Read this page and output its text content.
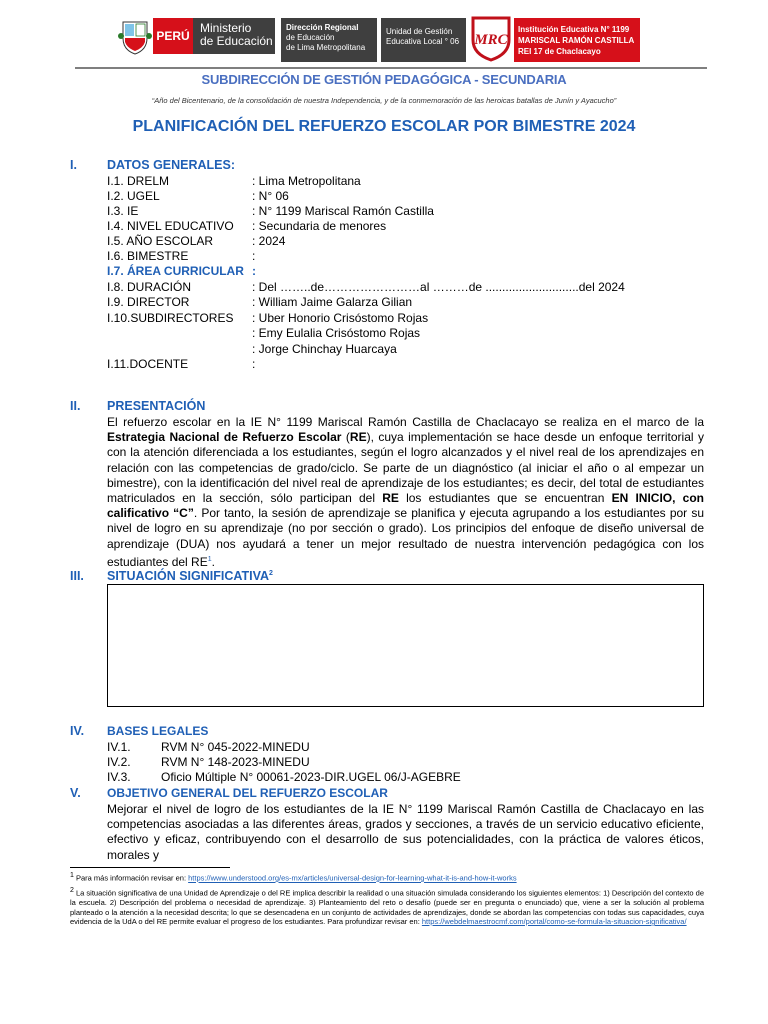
PERÚ
Ministerio
de Educación
Dirección Regional
de Educación
de Lima Metropolitana
Unidad de Gestión
Educativa Local ° 06	MRC
Institución Educativa N° 1199
MARISCAL RAMÓN CASTILLA
REI 17 de Chaclacayo
SUBDIRECCIÓN DE GESTIÓN PEDAGÓGICA - SECUNDARIA
“Año del Bicentenario, de la consolidación de nuestra Independencia, y de la conmemoración de las heroicas batallas de Junín y Ayacucho”
PLANIFICACIÓN DEL REFUERZO ESCOLAR POR BIMESTRE 2024
I. DATOS GENERALES:
I.1. DRELM	: Lima Metropolitana
I.2. UGEL	: N° 06
I.3. IE	: N° 1199 Mariscal Ramón Castilla
I.4. NIVEL EDUCATIVO : Secundaria de menores
I.5. AÑO ESCOLAR	: 2024
I.6. BIMESTRE	:
I.7. ÁREA CURRICULAR :
I.8. DURACIÓN	: Del ……..de……………………al ………de ............................del 2024
I.9. DIRECTOR	: William Jaime Galarza Gilian
I.10.SUBDIRECTORES : Uber Honorio Crisóstomo Rojas
: Emy Eulalia Crisóstomo Rojas
: Jorge Chinchay Huarcaya
I.11.DOCENTE	:
II. PRESENTACIÓN
El refuerzo escolar en la IE N° 1199 Mariscal Ramón Castilla de Chaclacayo se realiza en el marco de la Estrategia Nacional de Refuerzo Escolar (RE), cuya implementación se hace desde un enfoque territorial y con la atención diferenciada a los estudiantes, según el logro alcanzados y el nivel real de los aprendizajes en relación con las competencias de grado/ciclo. Se parte de un diagnóstico (al iniciar el año o al empezar un bimestre), con la identificación del nivel real de aprendizaje de los estudiantes; es decir, del total de estudiantes matriculados en la sección, sólo participan del RE los estudiantes que se encuentran EN INICIO, con calificativo “C”. Por tanto, la sesión de aprendizaje se planifica y ejecuta agrupando a los estudiantes por su nivel de logro en su aprendizaje (no por sección o grado). Los principios del enfoque de diseño universal de aprendizaje (DUA) nos ayudará a tener un mejor resultado de nuestra intervención pedagógica con los estudiantes del $RE^1$.
III. SITUACIÓN SIGNIFICATIVA$^2$
IV. BASES LEGALES
IV.1.	RVM N° 045-2022-MINEDU
IV.2.	RVM N° 148-2023-MINEDU
IV.3.	Oficio Múltiple N° 00061-2023-DIR.UGEL 06/J-AGEBRE
V. OBJETIVO GENERAL DEL REFUERZO ESCOLAR
Mejorar el nivel de logro de los estudiantes de la IE N° 1199 Mariscal Ramón Castilla de Chaclacayo en las competencias asociadas a las diferentes áreas, grados y secciones, a través de un servicio educativo eficiente, efectivo y eficaz, contribuyendo con el desarrollo de sus potencialidades, con la práctica de valores éticos, morales y
$^1$ Para más información revisar en: https://www.understood.org/es-mx/articles/universal-design-for-learning-what-it-is-and-how-it-works
$^2$ La situación significativa de una Unidad de Aprendizaje o del RE implica describir la realidad o una situación simulada considerando los siguientes elementos: 1) Descripción del contexto de la escuela. 2) Descripción del problema o necesidad de aprendizaje. 3) Planteamiento del reto o desafío (puede ser en pregunta o enunciado) que, viene a ser la solución al problema planteado o la atención a la necesidad descrita; lo que se desencadena en un conjunto de actividades de aprendizajes, donde se abordan las competencias con todas sus capacidades, cuya evidencia de la UdA o del RE permite evaluar el progreso de los estudiantes. Para profundizar revisar en: https://webdelmaestrocmf.com/portal/como-se-formula-la-situacion-significativa/
